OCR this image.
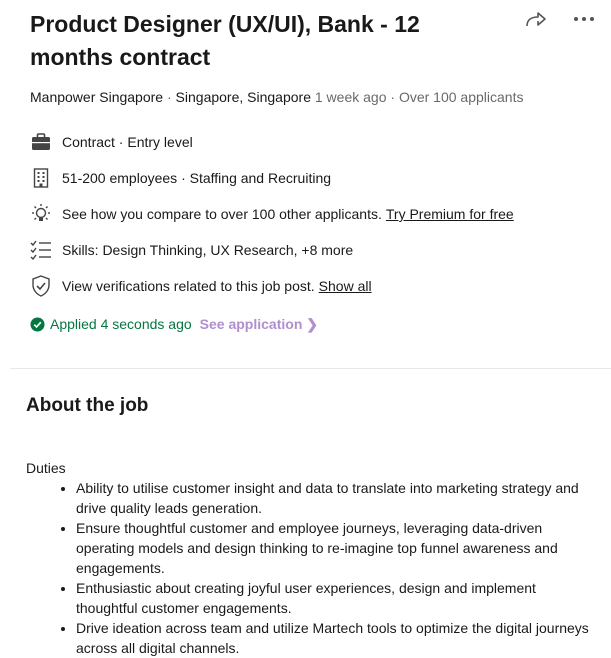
Product Designer (UX/UI), Bank - 12 months contract
Manpower Singapore · Singapore, Singapore 1 week ago · Over 100 applicants
Contract · Entry level
51-200 employees · Staffing and Recruiting
See how you compare to over 100 other applicants. Try Premium for free
Skills: Design Thinking, UX Research, +8 more
View verifications related to this job post. Show all
Applied 4 seconds ago See application ❯
About the job
Duties
• Ability to utilise customer insight and data to translate into marketing strategy and drive quality leads generation.
• Ensure thoughtful customer and employee journeys, leveraging data-driven operating models and design thinking to re-imagine top funnel awareness and engagements.
• Enthusiastic about creating joyful user experiences, design and implement thoughtful customer engagements.
• Drive ideation across team and utilize Martech tools to optimize the digital journeys across all digital channels.
